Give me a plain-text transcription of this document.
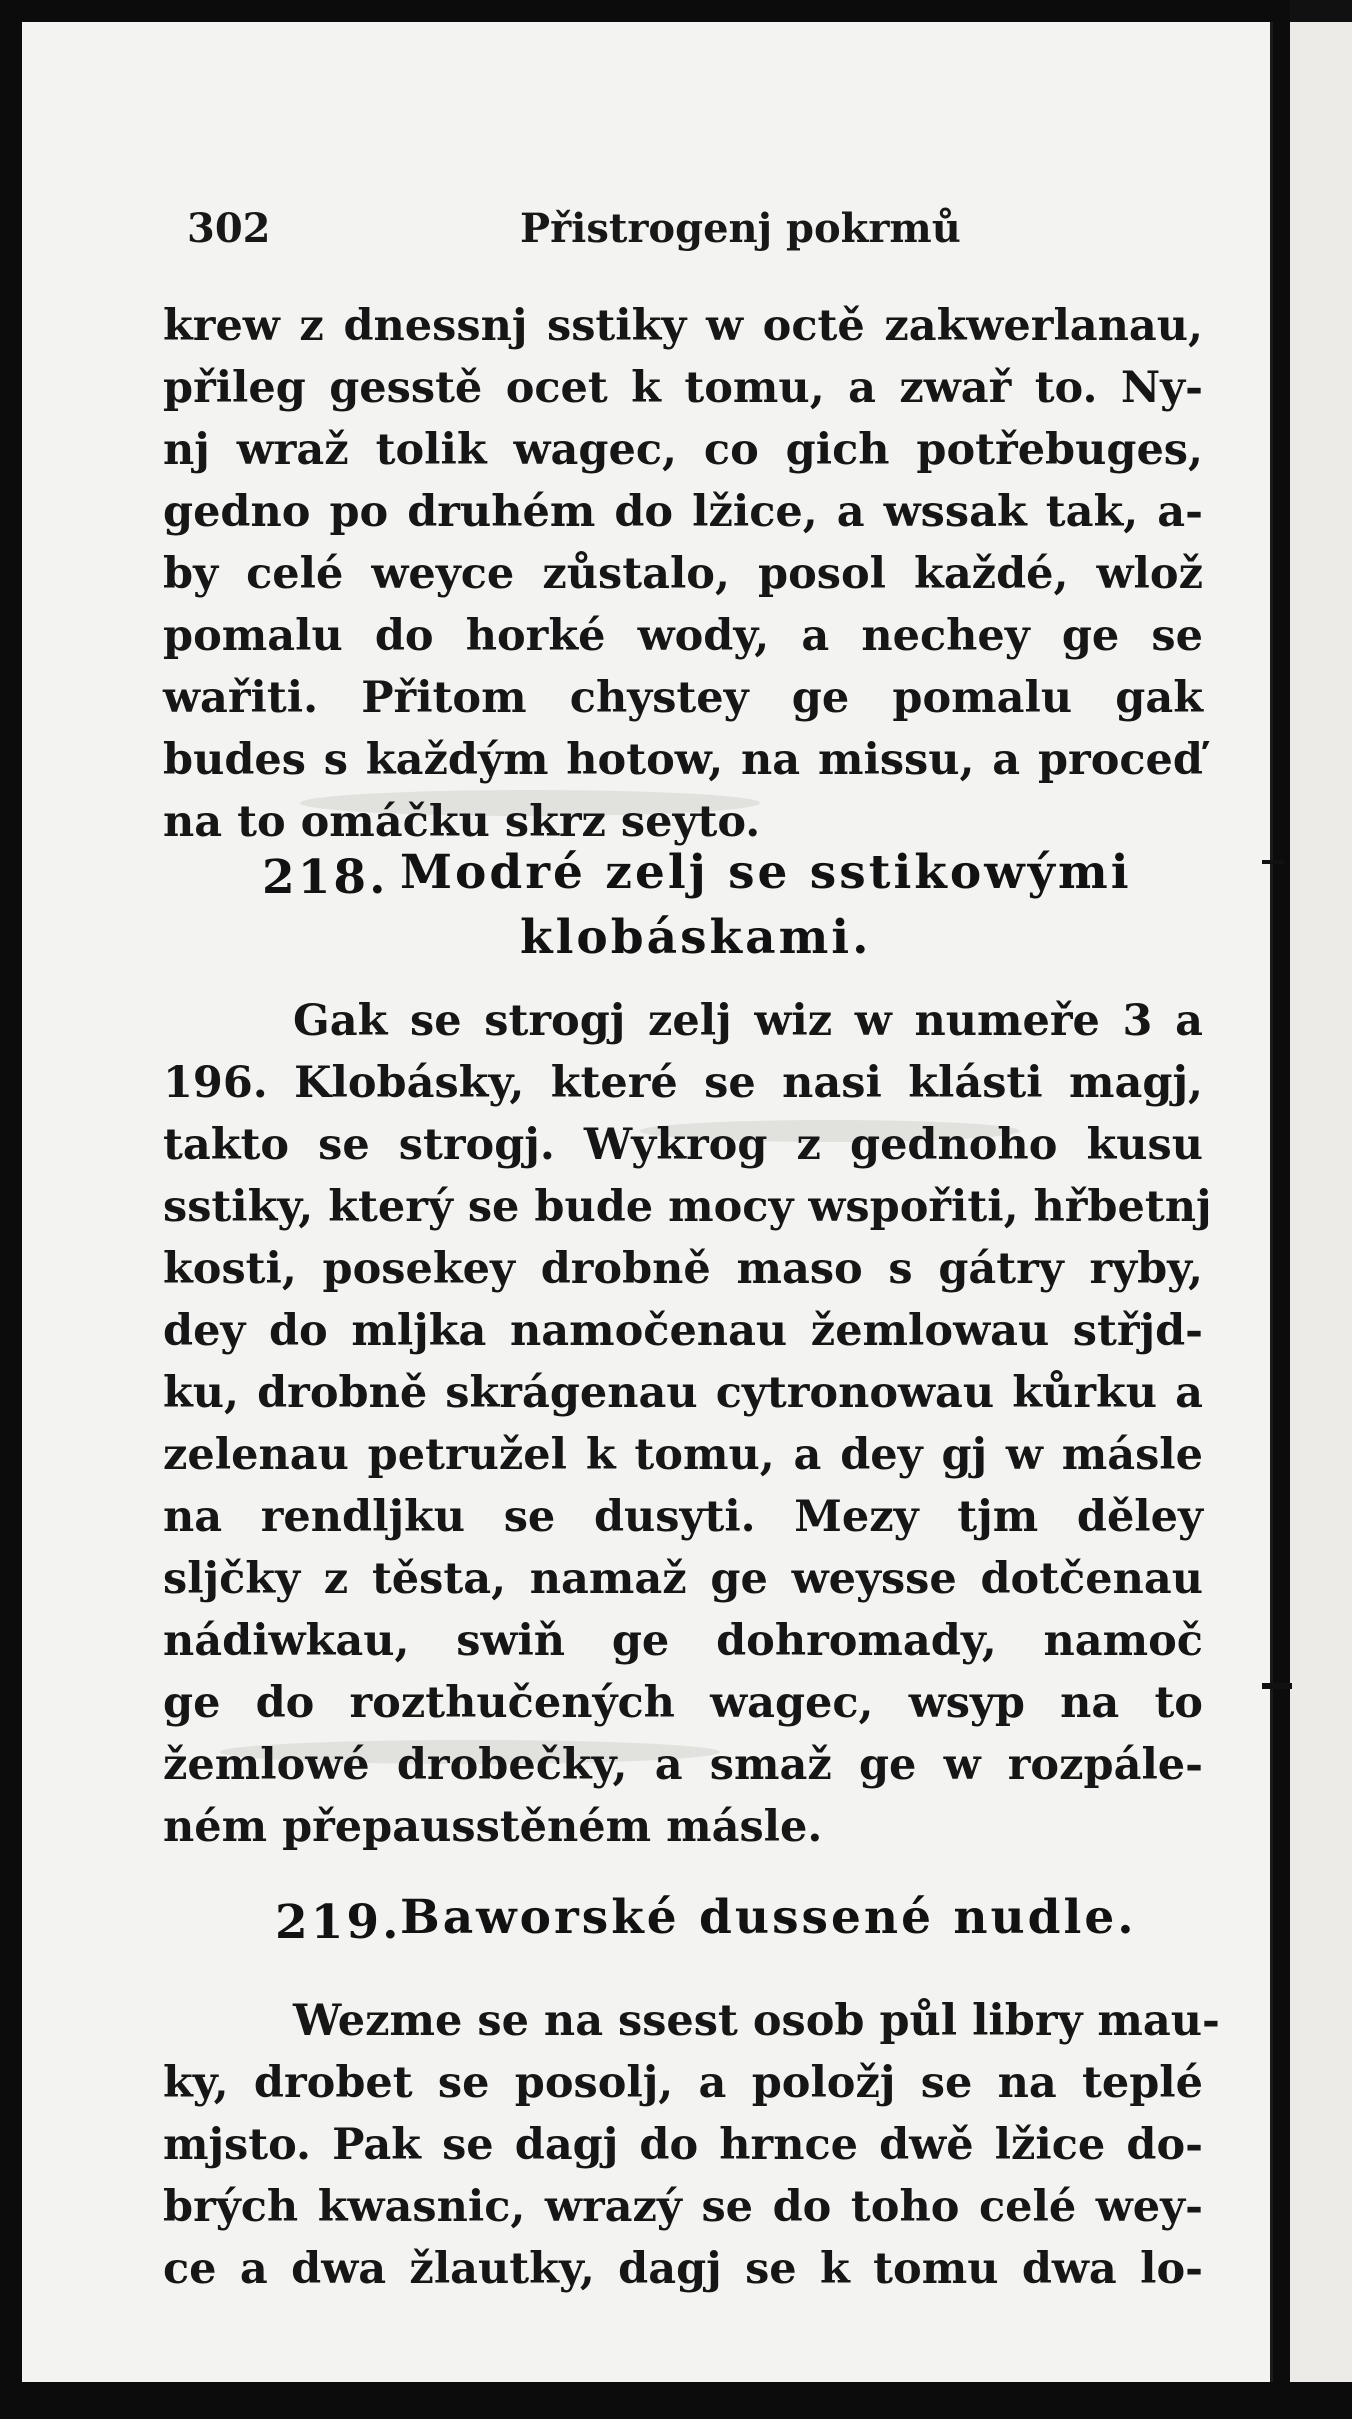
302	Přistrogenj pokrmů
krew z dnessnj sstiky w octě zakwerlanau,
přileg gesstě ocet k tomu, a zwař to. Ny-
nj wraž tolik wagec, co gich potřebuges,
gedno po druhém do lžice, a wssak tak, a-
by celé weyce zůstalo, posol každé, wlož
pomalu do horké wody, a nechey ge se
wařiti. Přitom chystey ge pomalu gak
budes s každým hotow, na missu, a proceď
na to omáčku skrz seyto.
218. Modré zelj se sstikowými
klobáskami.
Gak se strogj zelj wiz w numeře 3 a
196. Klobásky, které se nasi klásti magj,
takto se strogj. Wykrog z gednoho kusu
sstiky, který se bude mocy wspořiti, hřbetnj
kosti, posekey drobně maso s gátry ryby,
dey do mljka namočenau žemlowau střjd-
ku, drobně skrágenau cytronowau kůrku a
zelenau petružel k tomu, a dey gj w másle
na rendljku se dusyti. Mezy tjm děley
sljčky z těsta, namaž ge weysse dotčenau
nádiwkau, swiň ge dohromady, namoč
ge do rozthučených wagec, wsyp na to
žemlowé drobečky, a smaž ge w rozpále-
ném přepausstěném másle.
219.
Baworské dussené nudle.
Wezme se na ssest osob půl libry mau-
ky, drobet se posolj, a položj se na teplé
mjsto. Pak se dagj do hrnce dwě lžice do-
brých kwasnic, wrazý se do toho celé wey-
ce a dwa žlautky, dagj se k tomu dwa lo-
